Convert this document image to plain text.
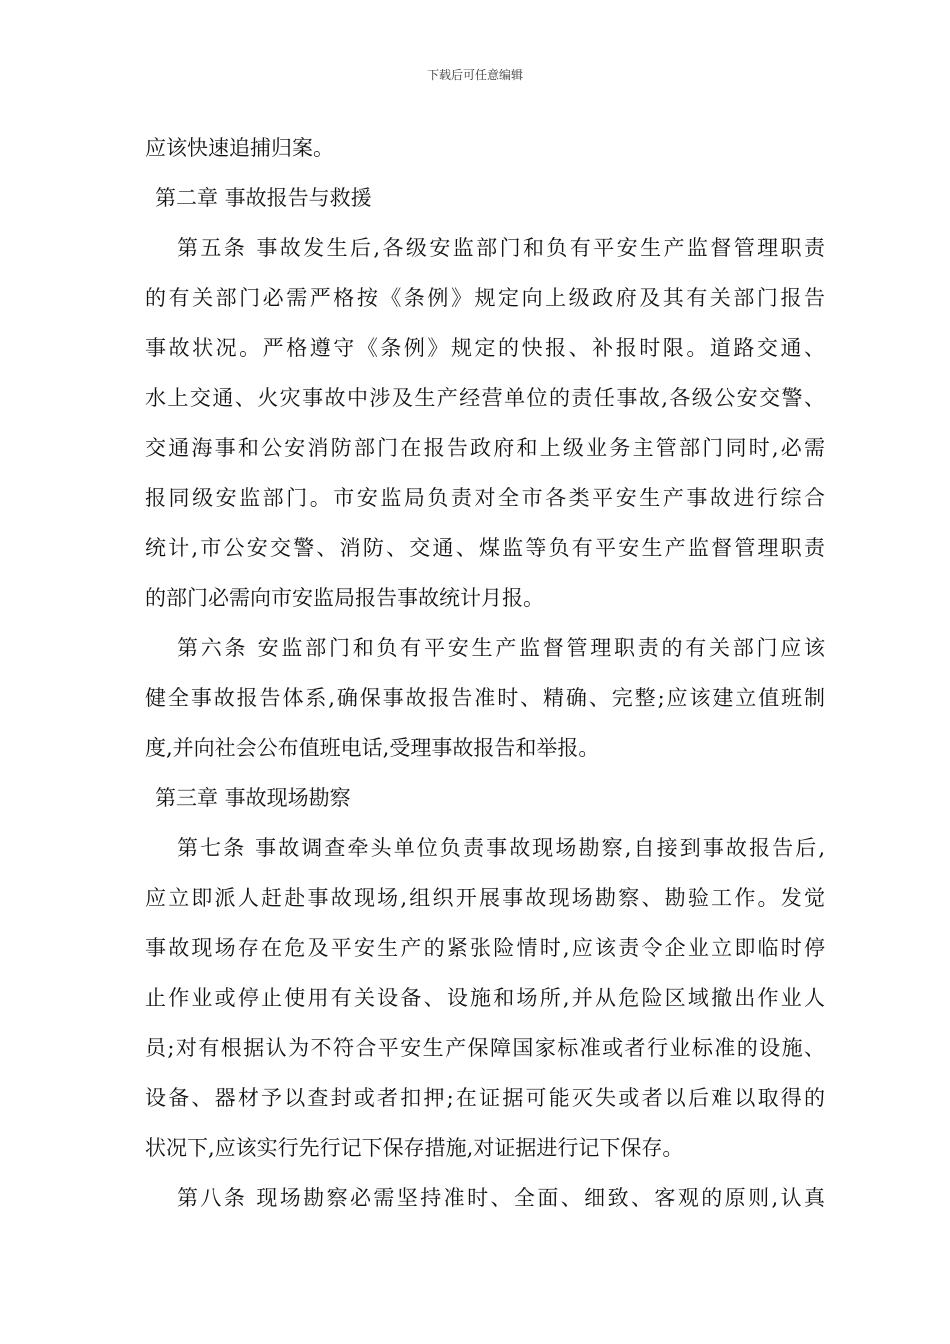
下载后可任意编辑
应该快速追捕归案。
第二章 事故报告与救援
第五条 事故发生后,各级安监部门和负有平安生产监督管理职责
的有关部门必需严格按《条例》规定向上级政府及其有关部门报告
事故状况。严格遵守《条例》规定的快报、补报时限。道路交通、
水上交通、火灾事故中涉及生产经营单位的责任事故,各级公安交警、
交通海事和公安消防部门在报告政府和上级业务主管部门同时,必需
报同级安监部门。市安监局负责对全市各类平安生产事故进行综合
统计,市公安交警、消防、交通、煤监等负有平安生产监督管理职责
的部门必需向市安监局报告事故统计月报。
第六条 安监部门和负有平安生产监督管理职责的有关部门应该
健全事故报告体系,确保事故报告准时、精确、完整;应该建立值班制
度,并向社会公布值班电话,受理事故报告和举报。
第三章 事故现场勘察
第七条 事故调查牵头单位负责事故现场勘察,自接到事故报告后,
应立即派人赶赴事故现场,组织开展事故现场勘察、勘验工作。发觉
事故现场存在危及平安生产的紧张险情时,应该责令企业立即临时停
止作业或停止使用有关设备、设施和场所,并从危险区域撤出作业人
员;对有根据认为不符合平安生产保障国家标准或者行业标准的设施、
设备、器材予以查封或者扣押;在证据可能灭失或者以后难以取得的
状况下,应该实行先行记下保存措施,对证据进行记下保存。
第八条 现场勘察必需坚持准时、全面、细致、客观的原则,认真
